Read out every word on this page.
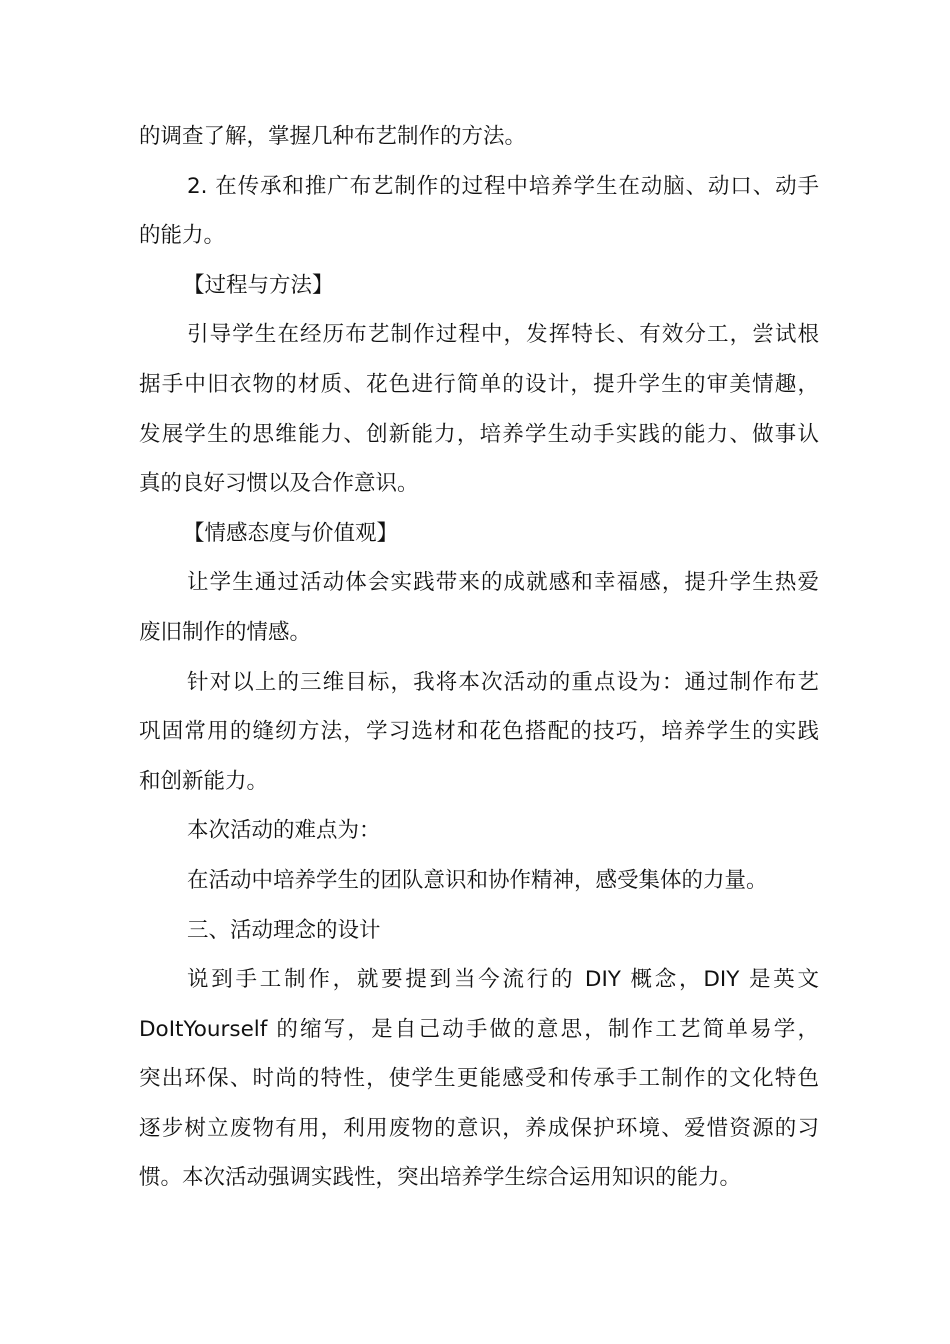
的调查了解，掌握几种布艺制作的方法。
2. 在传承和推广布艺制作的过程中培养学生在动脑、动口、动手
的能力。
【过程与方法】
引导学生在经历布艺制作过程中，发挥特长、有效分工，尝试根
据手中旧衣物的材质、花色进行简单的设计，提升学生的审美情趣，
发展学生的思维能力、创新能力，培养学生动手实践的能力、做事认
真的良好习惯以及合作意识。
【情感态度与价值观】
让学生通过活动体会实践带来的成就感和幸福感，提升学生热爱
废旧制作的情感。
针对以上的三维目标，我将本次活动的重点设为：通过制作布艺
巩固常用的缝纫方法，学习选材和花色搭配的技巧，培养学生的实践
和创新能力。
本次活动的难点为：
在活动中培养学生的团队意识和协作精神，感受集体的力量。
三、活动理念的设计
说到手工制作，就要提到当今流行的 DIY 概念，DIY 是英文
DoItYourself 的缩写，是自己动手做的意思，制作工艺简单易学，
突出环保、时尚的特性，使学生更能感受和传承手工制作的文化特色
逐步树立废物有用，利用废物的意识，养成保护环境、爱惜资源的习
惯。本次活动强调实践性，突出培养学生综合运用知识的能力。
